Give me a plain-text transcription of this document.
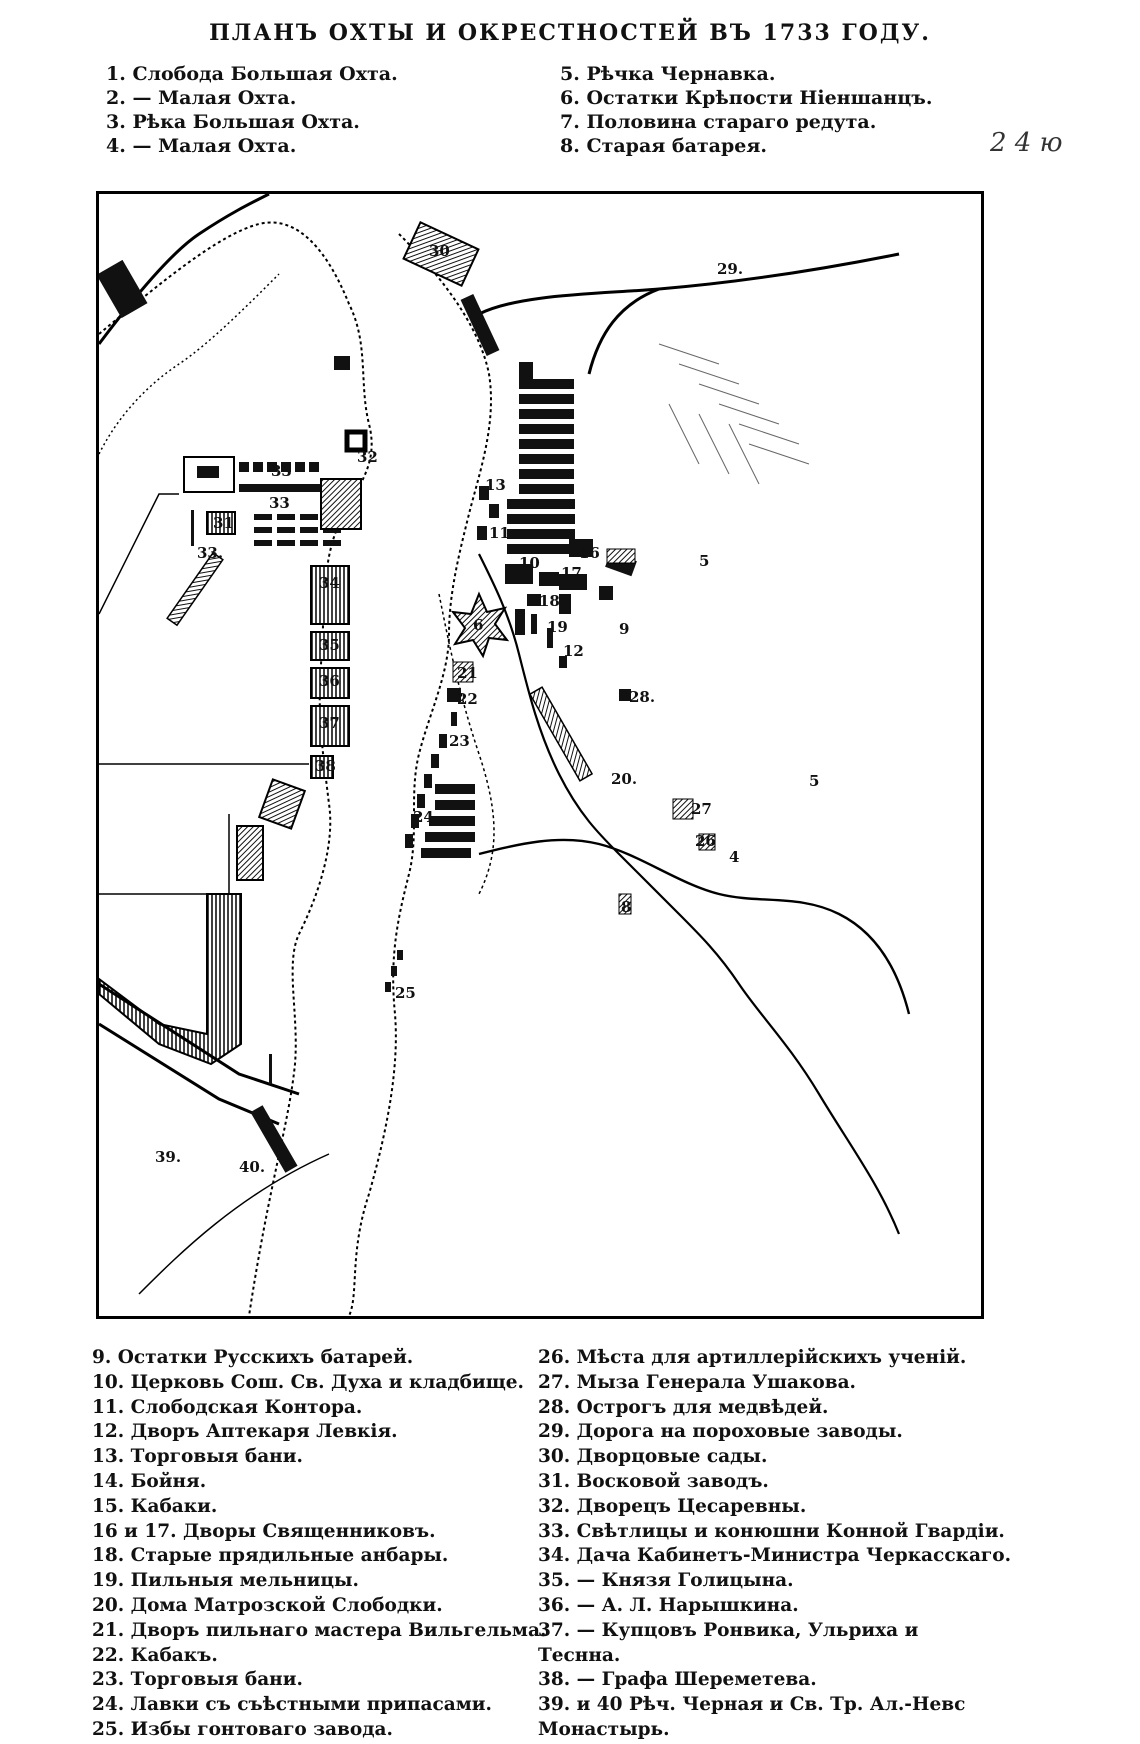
ПЛАНЪ ОХТЫ И ОКРЕСТНОСТЕЙ ВЪ 1733 ГОДУ.
1. Слобода Большая Охта.
2. — Малая Охта.
3. Рѣка Большая Охта.
4. — Малая Охта.
5. Рѣчка Чернавка.
6. Остатки Крѣпости Ніеншанцъ.
7. Половина стараго редута.
8. Старая батарея.	2 4 ю
29.
30
32
31
33
33
33.
34
35
36
37
38
13
10
11
16
17
6
18
19
12
9
5
5
21
22
23
28.
20.
24	27
26
4
8
25
39.
40.
9. Остатки Русскихъ батарей.
10. Церковь Сош. Св. Духа и кладбище.
11. Слободская Контора.
12. Дворъ Аптекаря Левкія.
13. Торговыя бани.
14. Бойня.
15. Кабаки.
16 и 17. Дворы Священниковъ.
18. Старые прядильные анбары.
19. Пильныя мельницы.
20. Дома Матрозской Слободки.
21. Дворъ пильнаго мастера Вильгельма.
22. Кабакъ.
23. Торговыя бани.
24. Лавки съ съѣстными припасами.
25. Избы гонтоваго завода.
26. Мѣста для артиллерійскихъ ученій.
27. Мыза Генерала Ушакова.
28. Острогъ для медвѣдей.
29. Дорога на пороховые заводы.
30. Дворцовые сады.
31. Восковой заводъ.
32. Дворецъ Цесаревны.
33. Свѣтлицы и конюшни Конной Гвардіи.
34. Дача Кабинетъ-Министра Черкасскаго.
35. — Князя Голицына.
36. — А. Л. Нарышкина.
37. — Купцовъ Ронвика, Ульриха и
Теснна.
38. — Графа Шереметева.
39. и 40 Рѣч. Черная и Св. Тр. Ал.-Невс
Монастырь.
